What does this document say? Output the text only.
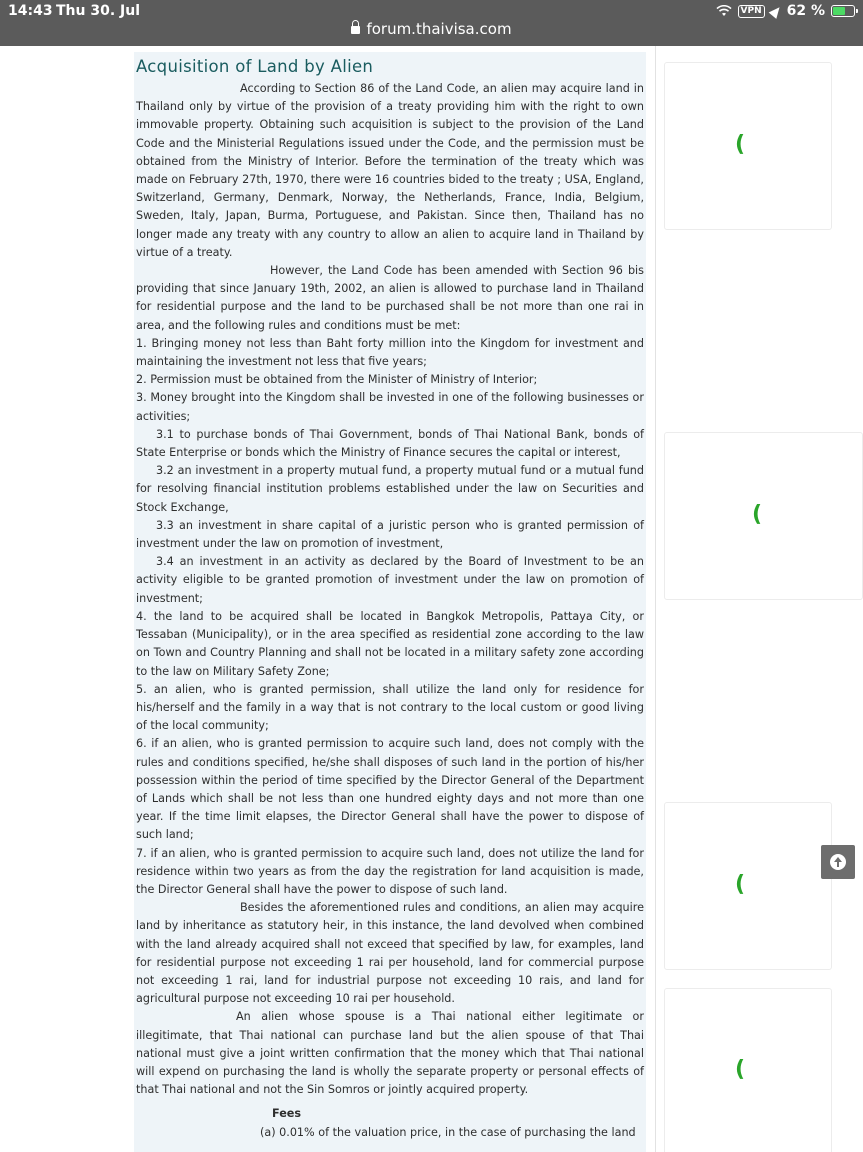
14:43 Thu 30. Jul	VPN 62 %
forum.thaivisa.com
Acquisition of Land by Alien

According to Section 86 of the Land Code, an alien may acquire land in Thailand only by virtue of the provision of a treaty providing him with the right to own immovable property. Obtaining such acquisition is subject to the provision of the Land Code and the Ministerial Regulations issued under the Code, and the permission must be obtained from the Ministry of Interior. Before the termination of the treaty which was made on February 27th, 1970, there were 16 countries bided to the treaty ; USA, England, Switzerland, Germany, Denmark, Norway, the Netherlands, France, India, Belgium, Sweden, Italy, Japan, Burma, Portuguese, and Pakistan. Since then, Thailand has no longer made any treaty with any country to allow an alien to acquire land in Thailand by virtue of a treaty.

However, the Land Code has been amended with Section 96 bis providing that since January 19th, 2002, an alien is allowed to purchase land in Thailand for residential purpose and the land to be purchased shall be not more than one rai in area, and the following rules and conditions must be met:

1. Bringing money not less than Baht forty million into the Kingdom for investment and maintaining the investment not less that five years;

2. Permission must be obtained from the Minister of Ministry of Interior;

3. Money brought into the Kingdom shall be invested in one of the following businesses or activities;

3.1 to purchase bonds of Thai Government, bonds of Thai National Bank, bonds of State Enterprise or bonds which the Ministry of Finance secures the capital or interest,

3.2 an investment in a property mutual fund, a property mutual fund or a mutual fund for resolving financial institution problems established under the law on Securities and Stock Exchange,

3.3 an investment in share capital of a juristic person who is granted permission of investment under the law on promotion of investment,

3.4 an investment in an activity as declared by the Board of Investment to be an activity eligible to be granted promotion of investment under the law on promotion of investment;

4. the land to be acquired shall be located in Bangkok Metropolis, Pattaya City, or Tessaban (Municipality), or in the area specified as residential zone according to the law on Town and Country Planning and shall not be located in a military safety zone according to the law on Military Safety Zone;

5. an alien, who is granted permission, shall utilize the land only for residence for his/herself and the family in a way that is not contrary to the local custom or good living of the local community;

6. if an alien, who is granted permission to acquire such land, does not comply with the rules and conditions specified, he/she shall disposes of such land in the portion of his/her possession within the period of time specified by the Director General of the Department of Lands which shall be not less than one hundred eighty days and not more than one year. If the time limit elapses, the Director General shall have the power to dispose of such land;

7. if an alien, who is granted permission to acquire such land, does not utilize the land for residence within two years as from the day the registration for land acquisition is made, the Director General shall have the power to dispose of such land.

Besides the aforementioned rules and conditions, an alien may acquire land by inheritance as statutory heir, in this instance, the land devolved when combined with the land already acquired shall not exceed that specified by law, for examples, land for residential purpose not exceeding 1 rai per household, land for commercial purpose not exceeding 1 rai, land for industrial purpose not exceeding 10 rais, and land for agricultural purpose not exceeding 10 rai per household.

An alien whose spouse is a Thai national either legitimate or illegitimate, that Thai national can purchase land but the alien spouse of that Thai national must give a joint written confirmation that the money which that Thai national will expend on purchasing the land is wholly the separate property or personal effects of that Thai national and not the Sin Somros or jointly acquired property.

Fees

(a) 0.01% of the valuation price, in the case of purchasing the land

(
(
(
(
